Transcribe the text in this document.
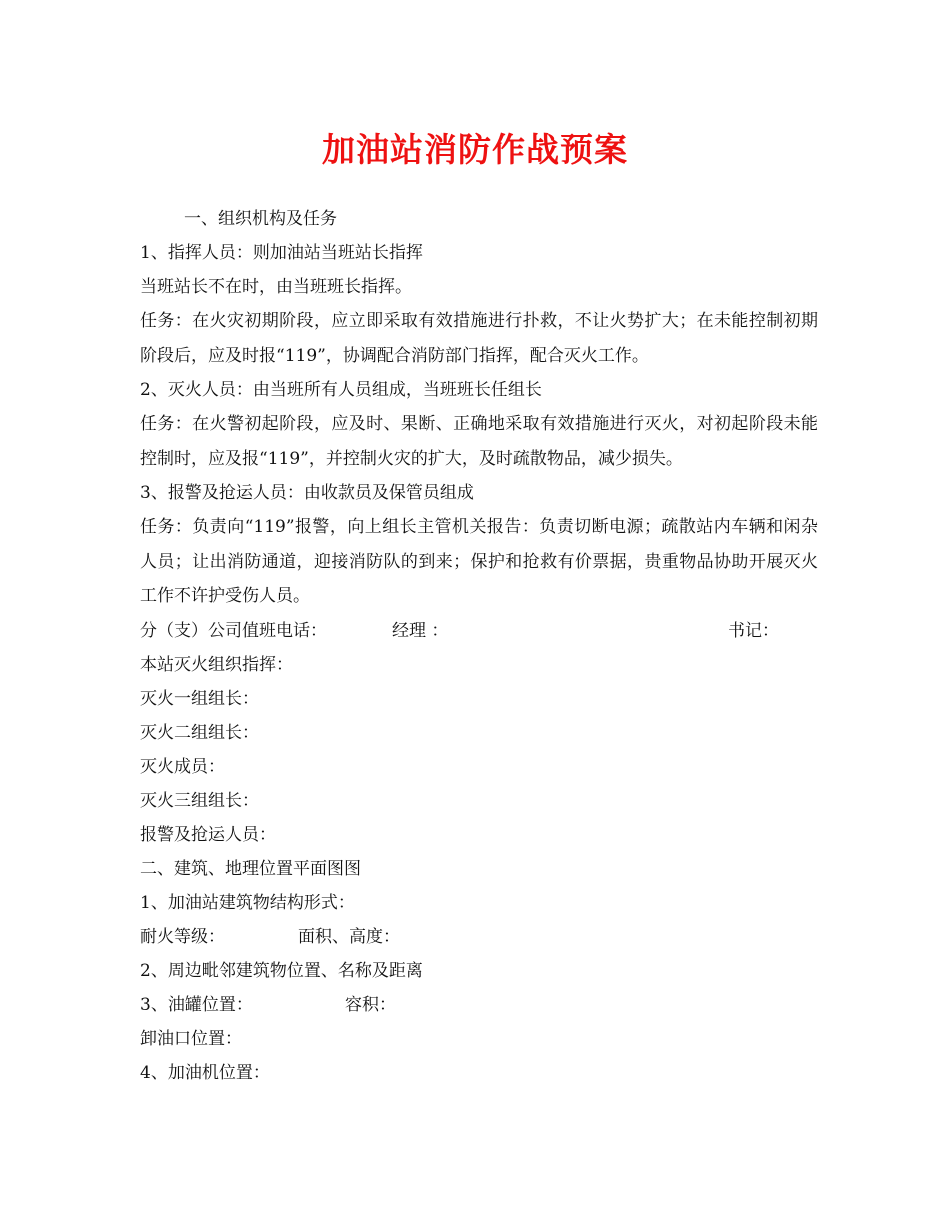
加油站消防作战预案
一、组织机构及任务
1、指挥人员：则加油站当班站长指挥
当班站长不在时，由当班班长指挥。
任务：在火灾初期阶段，应立即采取有效措施进行扑救，不让火势扩大；在未能控制初期阶段后，应及时报“119”，协调配合消防部门指挥，配合灭火工作。
2、灭火人员：由当班所有人员组成，当班班长任组长
任务：在火警初起阶段，应及时、果断、正确地采取有效措施进行灭火，对初起阶段未能控制时，应及报“119”，并控制火灾的扩大，及时疏散物品，减少损失。
3、报警及抢运人员：由收款员及保管员组成
任务：负责向“119”报警，向上组长主管机关报告：负责切断电源；疏散站内车辆和闲杂人员；让出消防通道，迎接消防队的到来；保护和抢救有价票据，贵重物品协助开展灭火工作不许护受伤人员。
分（支）公司值班电话：	经理 ：	书记：
本站灭火组织指挥：
灭火一组组长：
灭火二组组长：
灭火成员：
灭火三组组长：
报警及抢运人员：
二、建筑、地理位置平面图图
1、加油站建筑物结构形式：
耐火等级：	面积、高度：
2、周边毗邻建筑物位置、名称及距离
3、油罐位置：	容积：
卸油口位置：
4、加油机位置：
